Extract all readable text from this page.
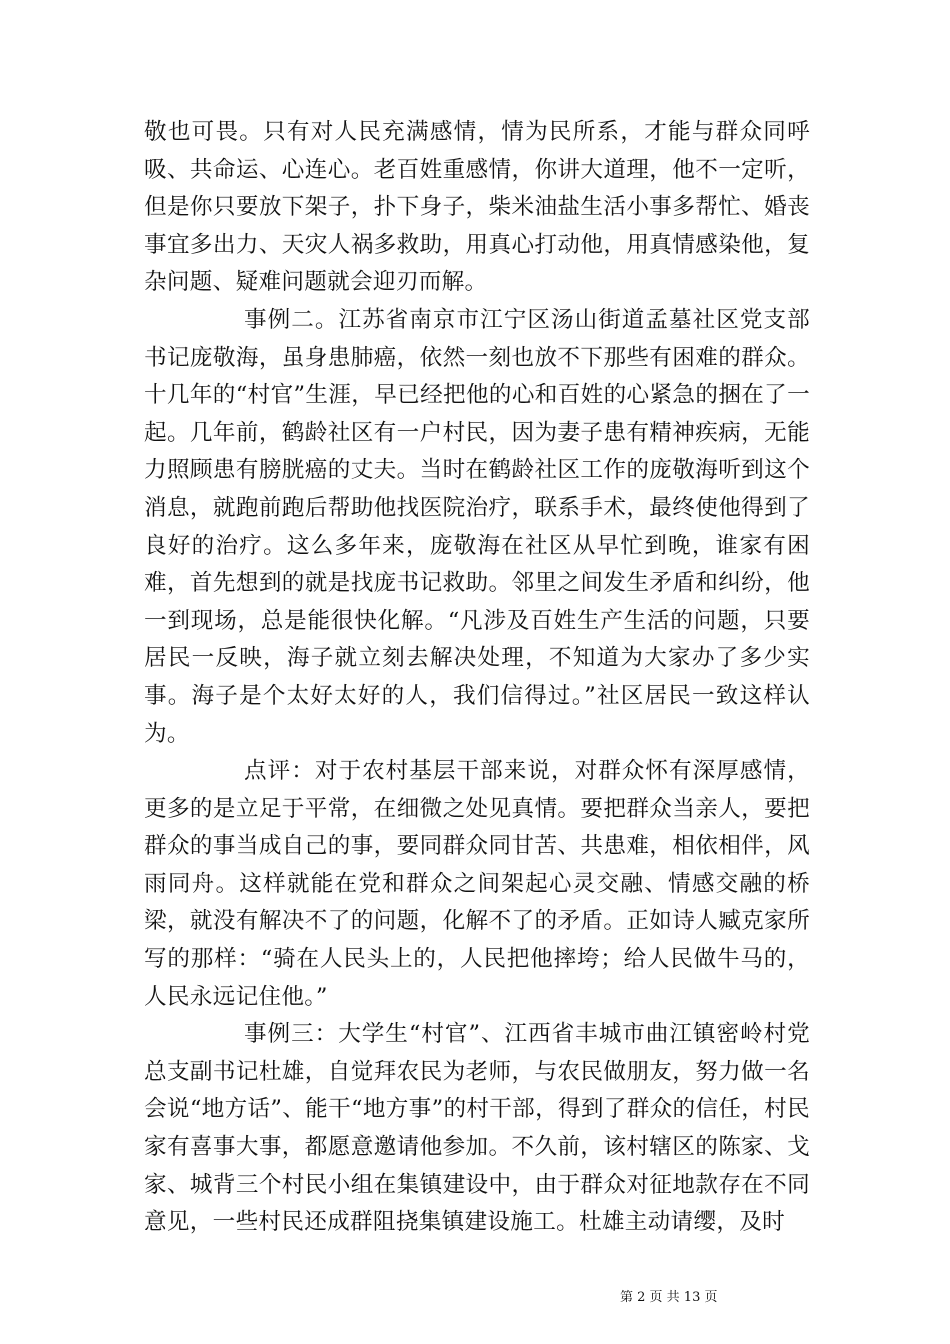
敬也可畏。只有对人民充满感情，情为民所系，才能与群众同呼吸、共命运、心连心。老百姓重感情，你讲大道理，他不一定听，但是你只要放下架子，扑下身子，柴米油盐生活小事多帮忙、婚丧事宜多出力、天灾人祸多救助，用真心打动他，用真情感染他，复杂问题、疑难问题就会迎刃而解。

事例二。江苏省南京市江宁区汤山街道孟墓社区党支部书记庞敬海，虽身患肺癌，依然一刻也放不下那些有困难的群众。十几年的“村官”生涯，早已经把他的心和百姓的心紧急的捆在了一起。几年前，鹤龄社区有一户村民，因为妻子患有精神疾病，无能力照顾患有膀胱癌的丈夫。当时在鹤龄社区工作的庞敬海听到这个消息，就跑前跑后帮助他找医院治疗，联系手术，最终使他得到了良好的治疗。这么多年来，庞敬海在社区从早忙到晚，谁家有困难，首先想到的就是找庞书记救助。邻里之间发生矛盾和纠纷，他一到现场，总是能很快化解。“凡涉及百姓生产生活的问题，只要居民一反映，海子就立刻去解决处理，不知道为大家办了多少实事。海子是个太好太好的人，我们信得过。”社区居民一致这样认为。

点评：对于农村基层干部来说，对群众怀有深厚感情，更多的是立足于平常，在细微之处见真情。要把群众当亲人，要把群众的事当成自己的事，要同群众同甘苦、共患难，相依相伴，风雨同舟。这样就能在党和群众之间架起心灵交融、情感交融的桥梁，就没有解决不了的问题，化解不了的矛盾。正如诗人臧克家所写的那样：“骑在人民头上的，人民把他摔垮；给人民做牛马的，人民永远记住他。”

事例三：大学生“村官”、江西省丰城市曲江镇密岭村党总支副书记杜雄，自觉拜农民为老师，与农民做朋友，努力做一名会说“地方话”、能干“地方事”的村干部，得到了群众的信任，村民家有喜事大事，都愿意邀请他参加。不久前，该村辖区的陈家、戈家、城背三个村民小组在集镇建设中，由于群众对征地款存在不同意见，一些村民还成群阻挠集镇建设施工。杜雄主动请缨，及时

第 2 页 共 13 页
